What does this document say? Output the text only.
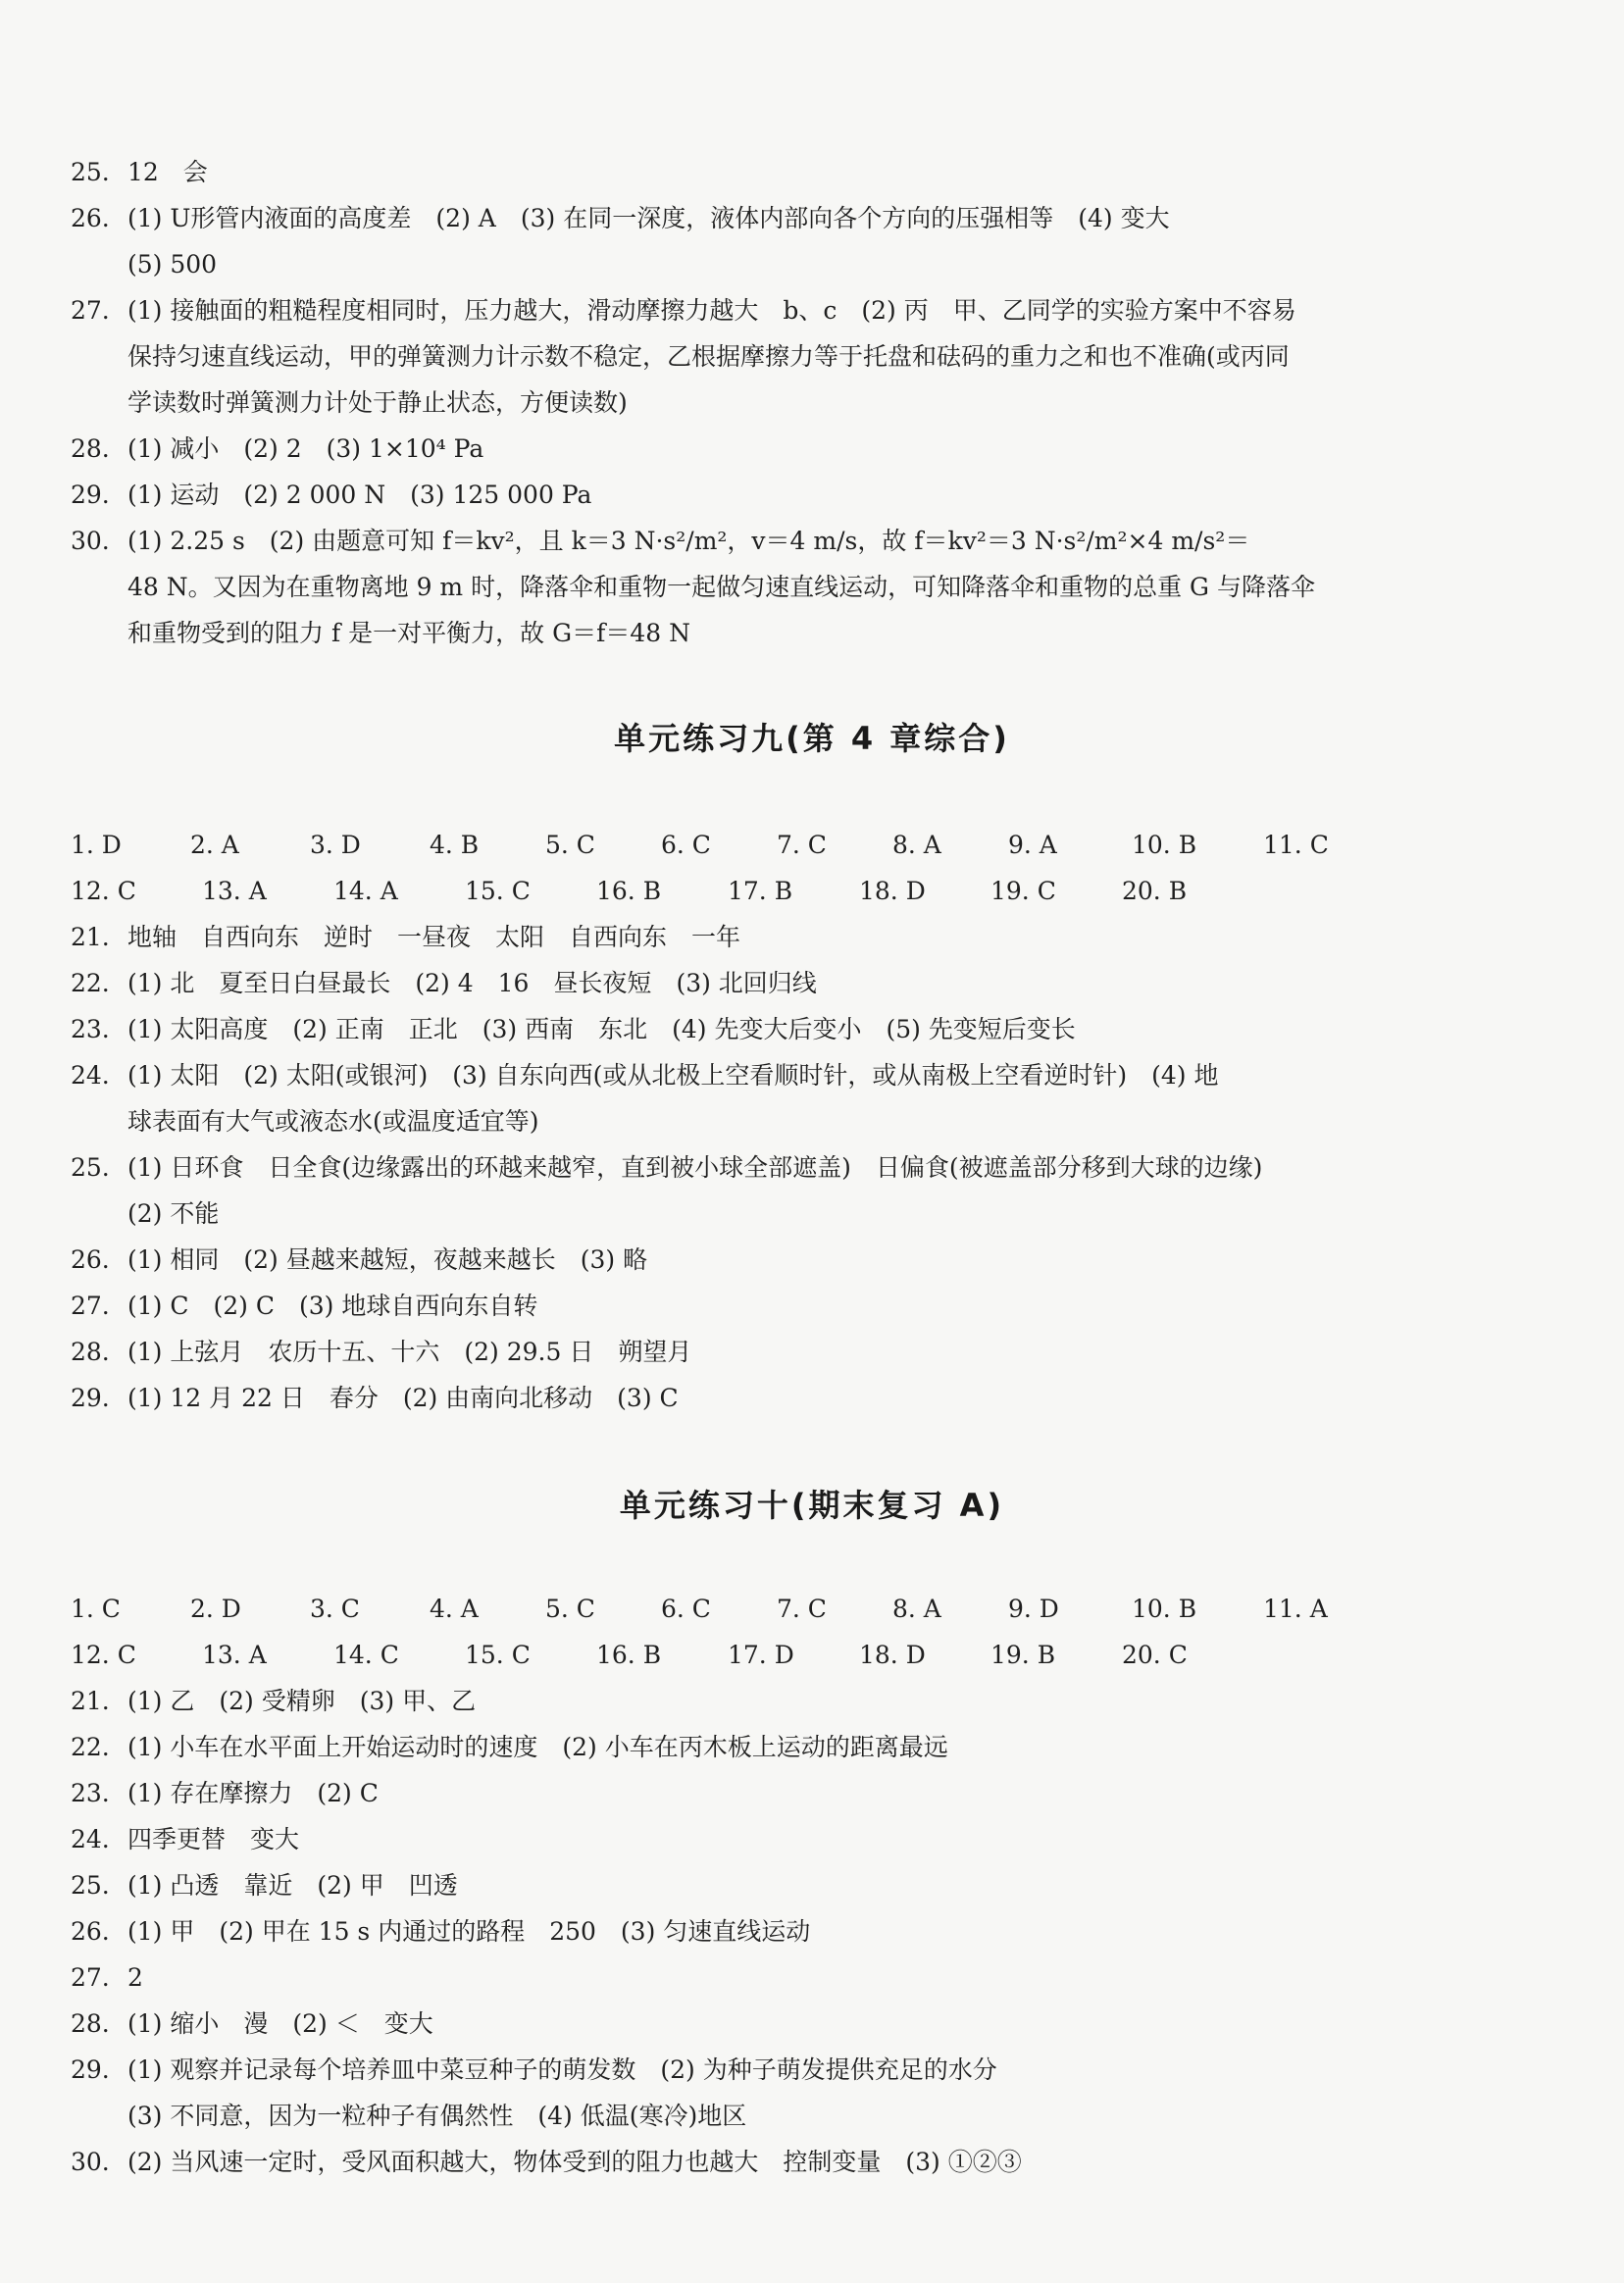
25. 12　会
26. (1) U形管内液面的高度差　(2) A　(3) 在同一深度，液体内部向各个方向的压强相等　(4) 变大
(5) 500
27. (1) 接触面的粗糙程度相同时，压力越大，滑动摩擦力越大　b、c　(2) 丙　甲、乙同学的实验方案中不容易
保持匀速直线运动，甲的弹簧测力计示数不稳定，乙根据摩擦力等于托盘和砝码的重力之和也不准确(或丙同
学读数时弹簧测力计处于静止状态，方便读数)
28. (1) 减小　(2) 2　(3) 1×10⁴ Pa
29. (1) 运动　(2) 2 000 N　(3) 125 000 Pa
30. (1) 2.25 s　(2) 由题意可知 f＝kv²，且 k＝3 N·s²/m²，v＝4 m/s，故 f＝kv²＝3 N·s²/m²×4 m/s²＝
48 N。又因为在重物离地 9 m 时，降落伞和重物一起做匀速直线运动，可知降落伞和重物的总重 G 与降落伞
和重物受到的阻力 f 是一对平衡力，故 G＝f＝48 N
单元练习九(第 4 章综合)
1. D	2. A	3. D	4. B	5. C	6. C	7. C	8. A	9. A	10. B	11. C
12. C	13. A	14. A	15. C	16. B	17. B	18. D	19. C	20. B
21. 地轴　自西向东　逆时　一昼夜　太阳　自西向东　一年
22. (1) 北　夏至日白昼最长　(2) 4　16　昼长夜短　(3) 北回归线
23. (1) 太阳高度　(2) 正南　正北　(3) 西南　东北　(4) 先变大后变小　(5) 先变短后变长
24. (1) 太阳　(2) 太阳(或银河)　(3) 自东向西(或从北极上空看顺时针，或从南极上空看逆时针)　(4) 地
球表面有大气或液态水(或温度适宜等)
25. (1) 日环食　日全食(边缘露出的环越来越窄，直到被小球全部遮盖)　日偏食(被遮盖部分移到大球的边缘)
(2) 不能
26. (1) 相同　(2) 昼越来越短，夜越来越长　(3) 略
27. (1) C　(2) C　(3) 地球自西向东自转
28. (1) 上弦月　农历十五、十六　(2) 29.5 日　朔望月
29. (1) 12 月 22 日　春分　(2) 由南向北移动　(3) C
单元练习十(期末复习 A)
1. C	2. D	3. C	4. A	5. C	6. C	7. C	8. A	9. D	10. B	11. A
12. C	13. A	14. C	15. C	16. B	17. D	18. D	19. B	20. C
21. (1) 乙　(2) 受精卵　(3) 甲、乙
22. (1) 小车在水平面上开始运动时的速度　(2) 小车在丙木板上运动的距离最远
23. (1) 存在摩擦力　(2) C
24. 四季更替　变大
25. (1) 凸透　靠近　(2) 甲　凹透
26. (1) 甲　(2) 甲在 15 s 内通过的路程　250　(3) 匀速直线运动
27. 2
28. (1) 缩小　漫　(2) ＜　变大
29. (1) 观察并记录每个培养皿中菜豆种子的萌发数　(2) 为种子萌发提供充足的水分
(3) 不同意，因为一粒种子有偶然性　(4) 低温(寒冷)地区
30. (2) 当风速一定时，受风面积越大，物体受到的阻力也越大　控制变量　(3) ①②③
